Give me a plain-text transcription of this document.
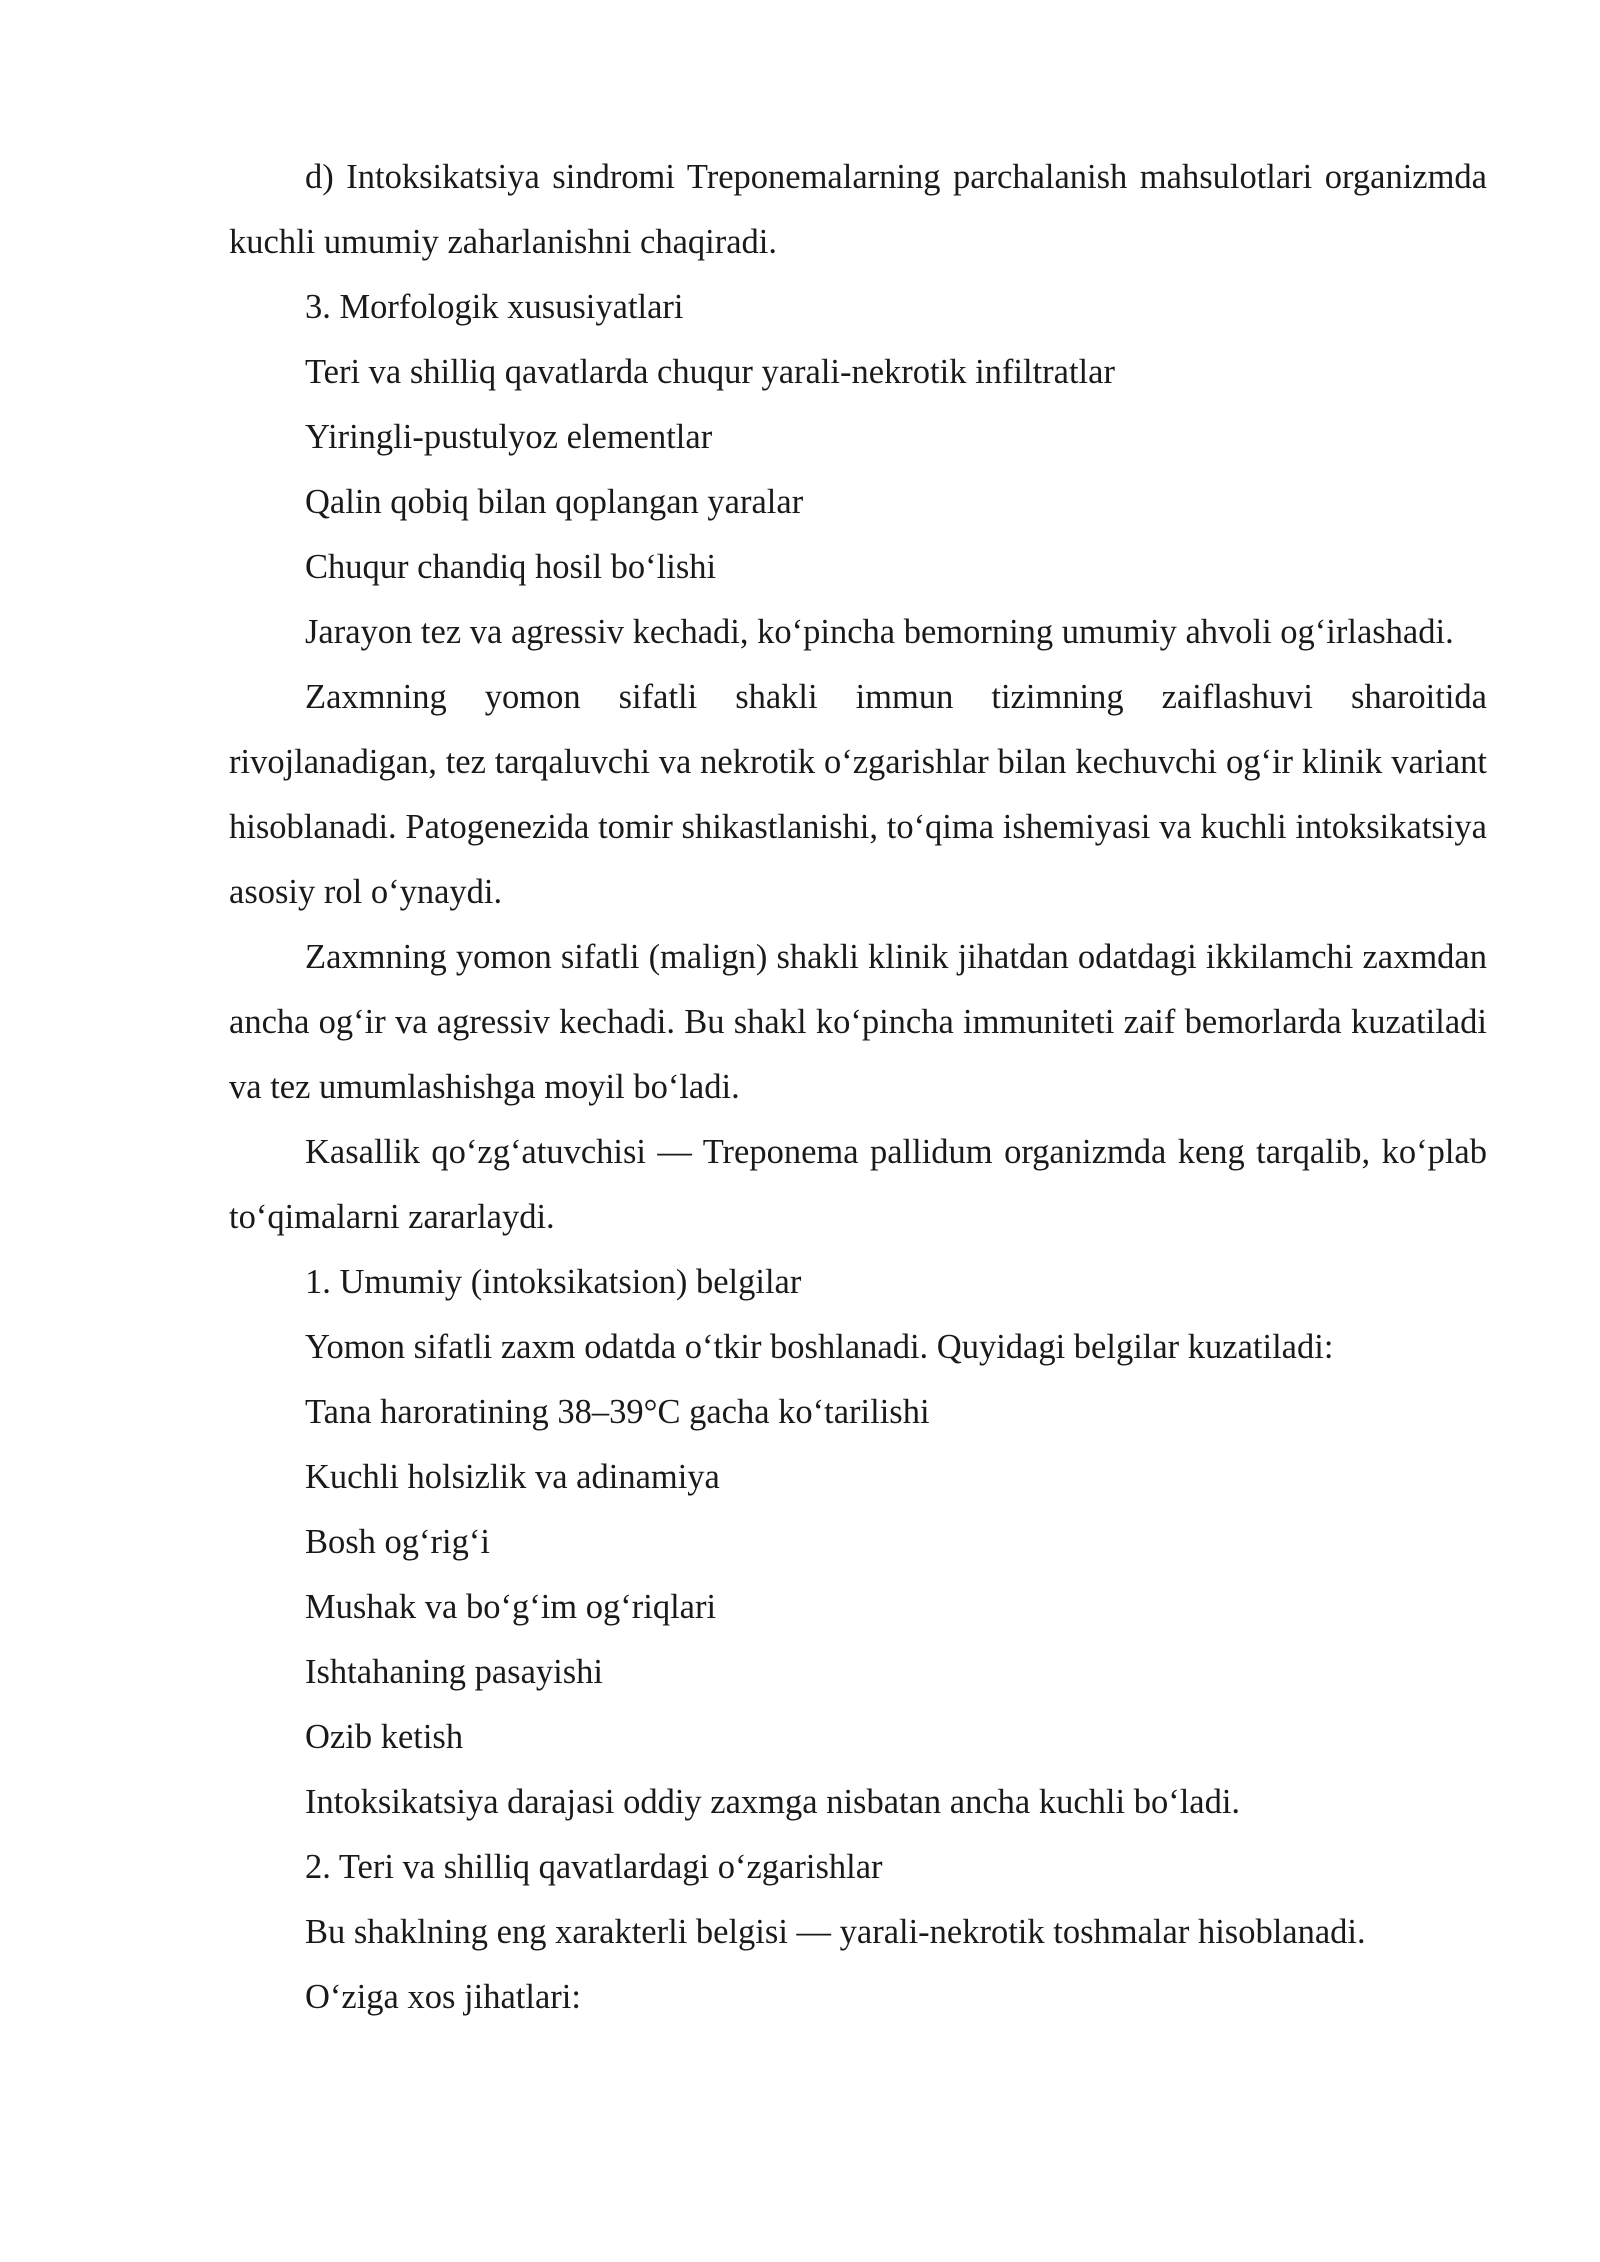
d) Intoksikatsiya sindromi Treponemalarning parchalanish mahsulotlari organizmda kuchli umumiy zaharlanishni chaqiradi.

3. Morfologik xususiyatlari

Teri va shilliq qavatlarda chuqur yarali-nekrotik infiltratlar

Yiringli-pustulyoz elementlar

Qalin qobiq bilan qoplangan yaralar

Chuqur chandiq hosil bo‘lishi

Jarayon tez va agressiv kechadi, ko‘pincha bemorning umumiy ahvoli og‘irlashadi.

Zaxmning yomon sifatli shakli immun tizimning zaiflashuvi sharoitida rivojlanadigan, tez tarqaluvchi va nekrotik o‘zgarishlar bilan kechuvchi og‘ir klinik variant hisoblanadi. Patogenezida tomir shikastlanishi, to‘qima ishemiyasi va kuchli intoksikatsiya asosiy rol o‘ynaydi.

Zaxmning yomon sifatli (malign) shakli klinik jihatdan odatdagi ikkilamchi zaxmdan ancha og‘ir va agressiv kechadi. Bu shakl ko‘pincha immuniteti zaif bemorlarda kuzatiladi va tez umumlashishga moyil bo‘ladi.

Kasallik qo‘zg‘atuvchisi — Treponema pallidum organizmda keng tarqalib, ko‘plab to‘qimalarni zararlaydi.

1. Umumiy (intoksikatsion) belgilar

Yomon sifatli zaxm odatda o‘tkir boshlanadi. Quyidagi belgilar kuzatiladi:

Tana haroratining 38–39°C gacha ko‘tarilishi

Kuchli holsizlik va adinamiya

Bosh og‘rig‘i

Mushak va bo‘g‘im og‘riqlari

Ishtahaning pasayishi

Ozib ketish

Intoksikatsiya darajasi oddiy zaxmga nisbatan ancha kuchli bo‘ladi.

2. Teri va shilliq qavatlardagi o‘zgarishlar

Bu shaklning eng xarakterli belgisi — yarali-nekrotik toshmalar hisoblanadi.

O‘ziga xos jihatlari:
